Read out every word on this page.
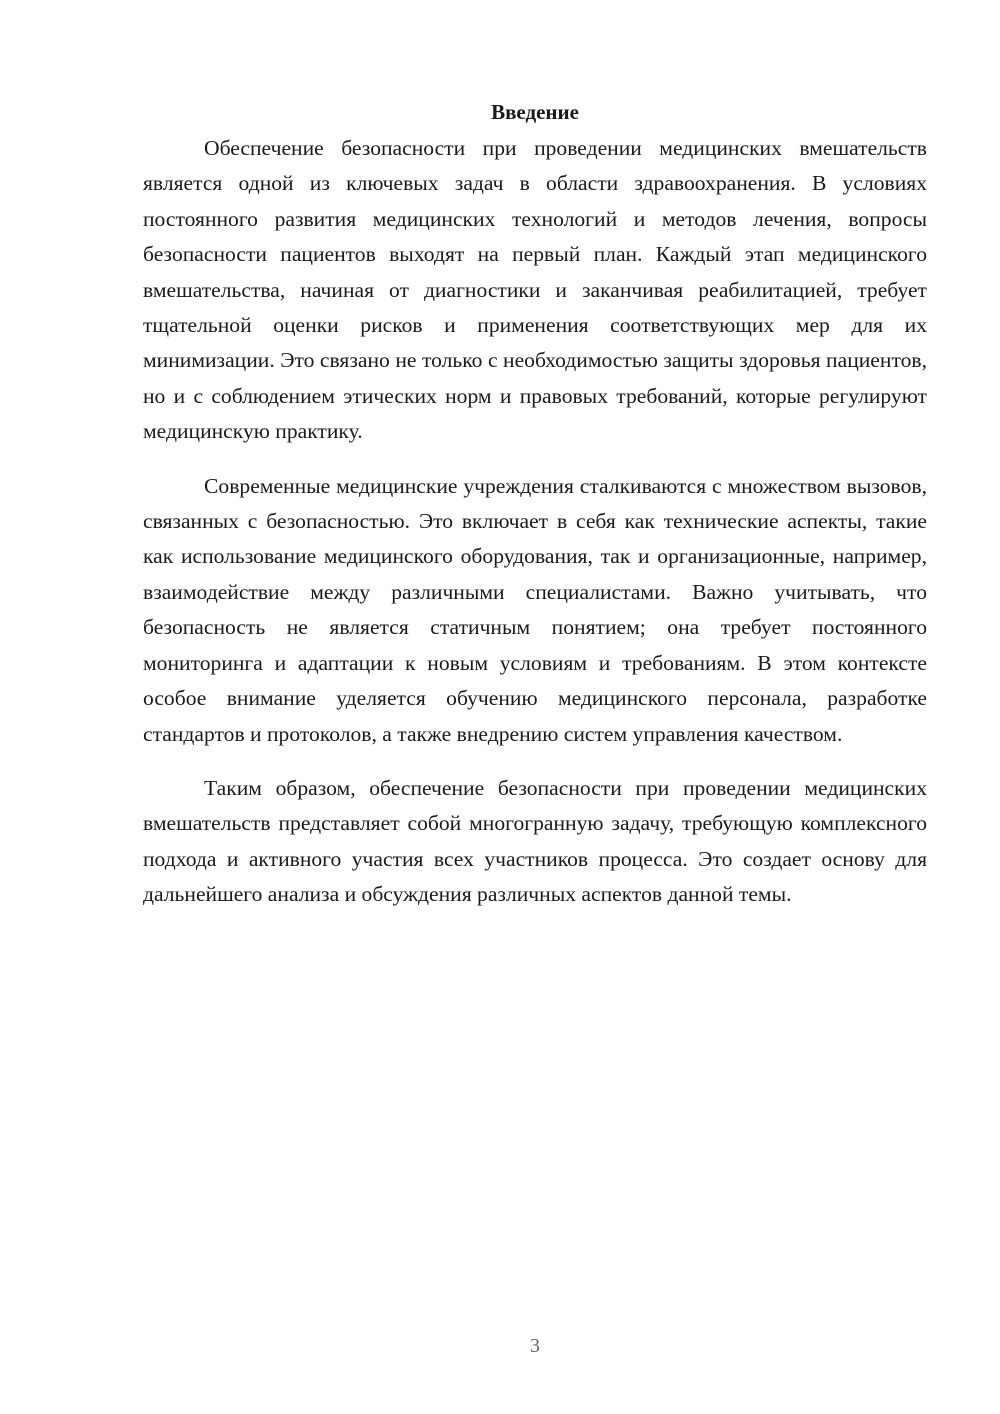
Введение

Обеспечение безопасности при проведении медицинских вмешательств является одной из ключевых задач в области здравоохранения. В условиях постоянного развития медицинских технологий и методов лечения, вопросы безопасности пациентов выходят на первый план. Каждый этап медицинского вмешательства, начиная от диагностики и заканчивая реабилитацией, требует тщательной оценки рисков и применения соответствующих мер для их минимизации. Это связано не только с необходимостью защиты здоровья пациентов, но и с соблюдением этических норм и правовых требований, которые регулируют медицинскую практику.

Современные медицинские учреждения сталкиваются с множеством вызовов, связанных с безопасностью. Это включает в себя как технические аспекты, такие как использование медицинского оборудования, так и организационные, например, взаимодействие между различными специалистами. Важно учитывать, что безопасность не является статичным понятием; она требует постоянного мониторинга и адаптации к новым условиям и требованиям. В этом контексте особое внимание уделяется обучению медицинского персонала, разработке стандартов и протоколов, а также внедрению систем управления качеством.

Таким образом, обеспечение безопасности при проведении медицинских вмешательств представляет собой многогранную задачу, требующую комплексного подхода и активного участия всех участников процесса. Это создает основу для дальнейшего анализа и обсуждения различных аспектов данной темы.

3
